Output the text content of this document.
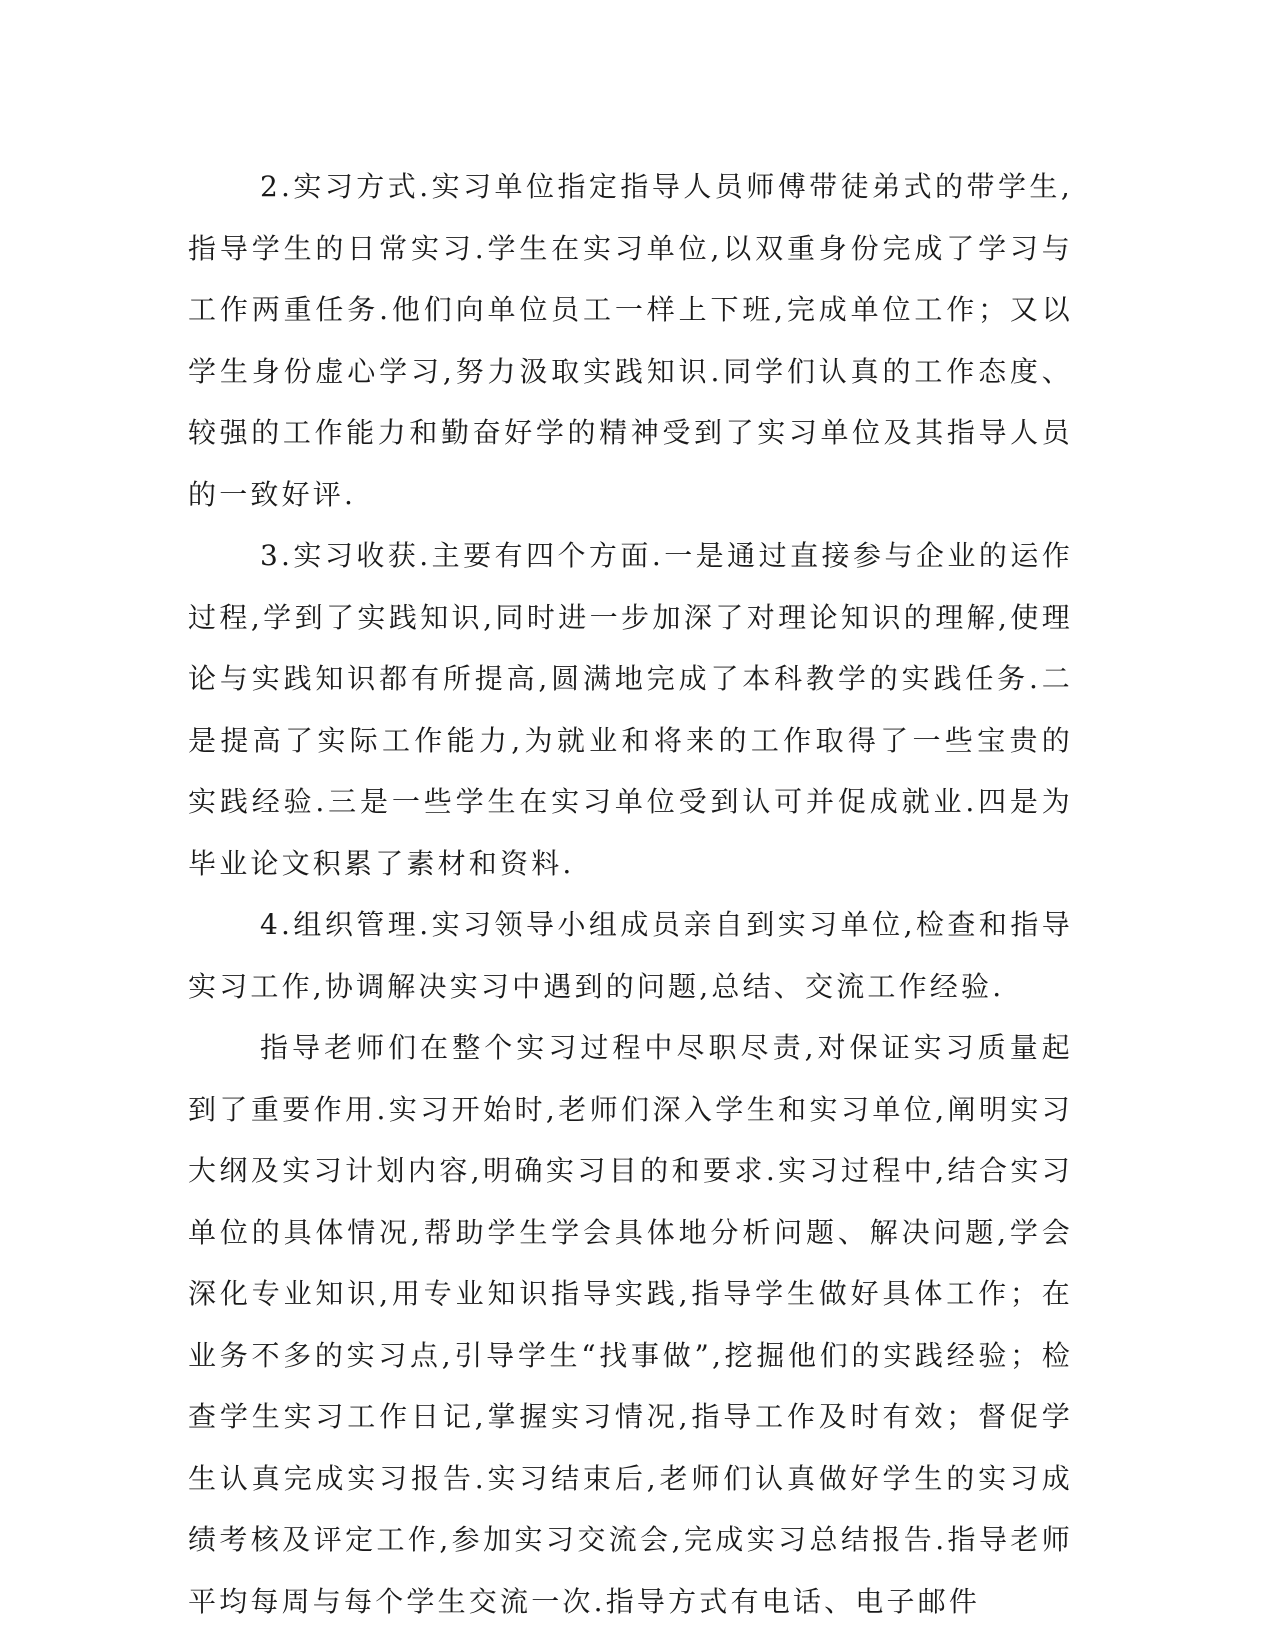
2.实习方式.实习单位指定指导人员师傅带徒弟式的带学生,指导学生的日常实习.学生在实习单位,以双重身份完成了学习与工作两重任务.他们向单位员工一样上下班,完成单位工作；又以学生身份虚心学习,努力汲取实践知识.同学们认真的工作态度、较强的工作能力和勤奋好学的精神受到了实习单位及其指导人员的一致好评.

3.实习收获.主要有四个方面.一是通过直接参与企业的运作过程,学到了实践知识,同时进一步加深了对理论知识的理解,使理论与实践知识都有所提高,圆满地完成了本科教学的实践任务.二是提高了实际工作能力,为就业和将来的工作取得了一些宝贵的实践经验.三是一些学生在实习单位受到认可并促成就业.四是为毕业论文积累了素材和资料.

4.组织管理.实习领导小组成员亲自到实习单位,检查和指导实习工作,协调解决实习中遇到的问题,总结、交流工作经验.

指导老师们在整个实习过程中尽职尽责,对保证实习质量起到了重要作用.实习开始时,老师们深入学生和实习单位,阐明实习大纲及实习计划内容,明确实习目的和要求.实习过程中,结合实习单位的具体情况,帮助学生学会具体地分析问题、解决问题,学会深化专业知识,用专业知识指导实践,指导学生做好具体工作；在业务不多的实习点,引导学生“找事做”,挖掘他们的实践经验；检查学生实习工作日记,掌握实习情况,指导工作及时有效；督促学生认真完成实习报告.实习结束后,老师们认真做好学生的实习成绩考核及评定工作,参加实习交流会,完成实习总结报告.指导老师平均每周与每个学生交流一次.指导方式有电话、电子邮件
